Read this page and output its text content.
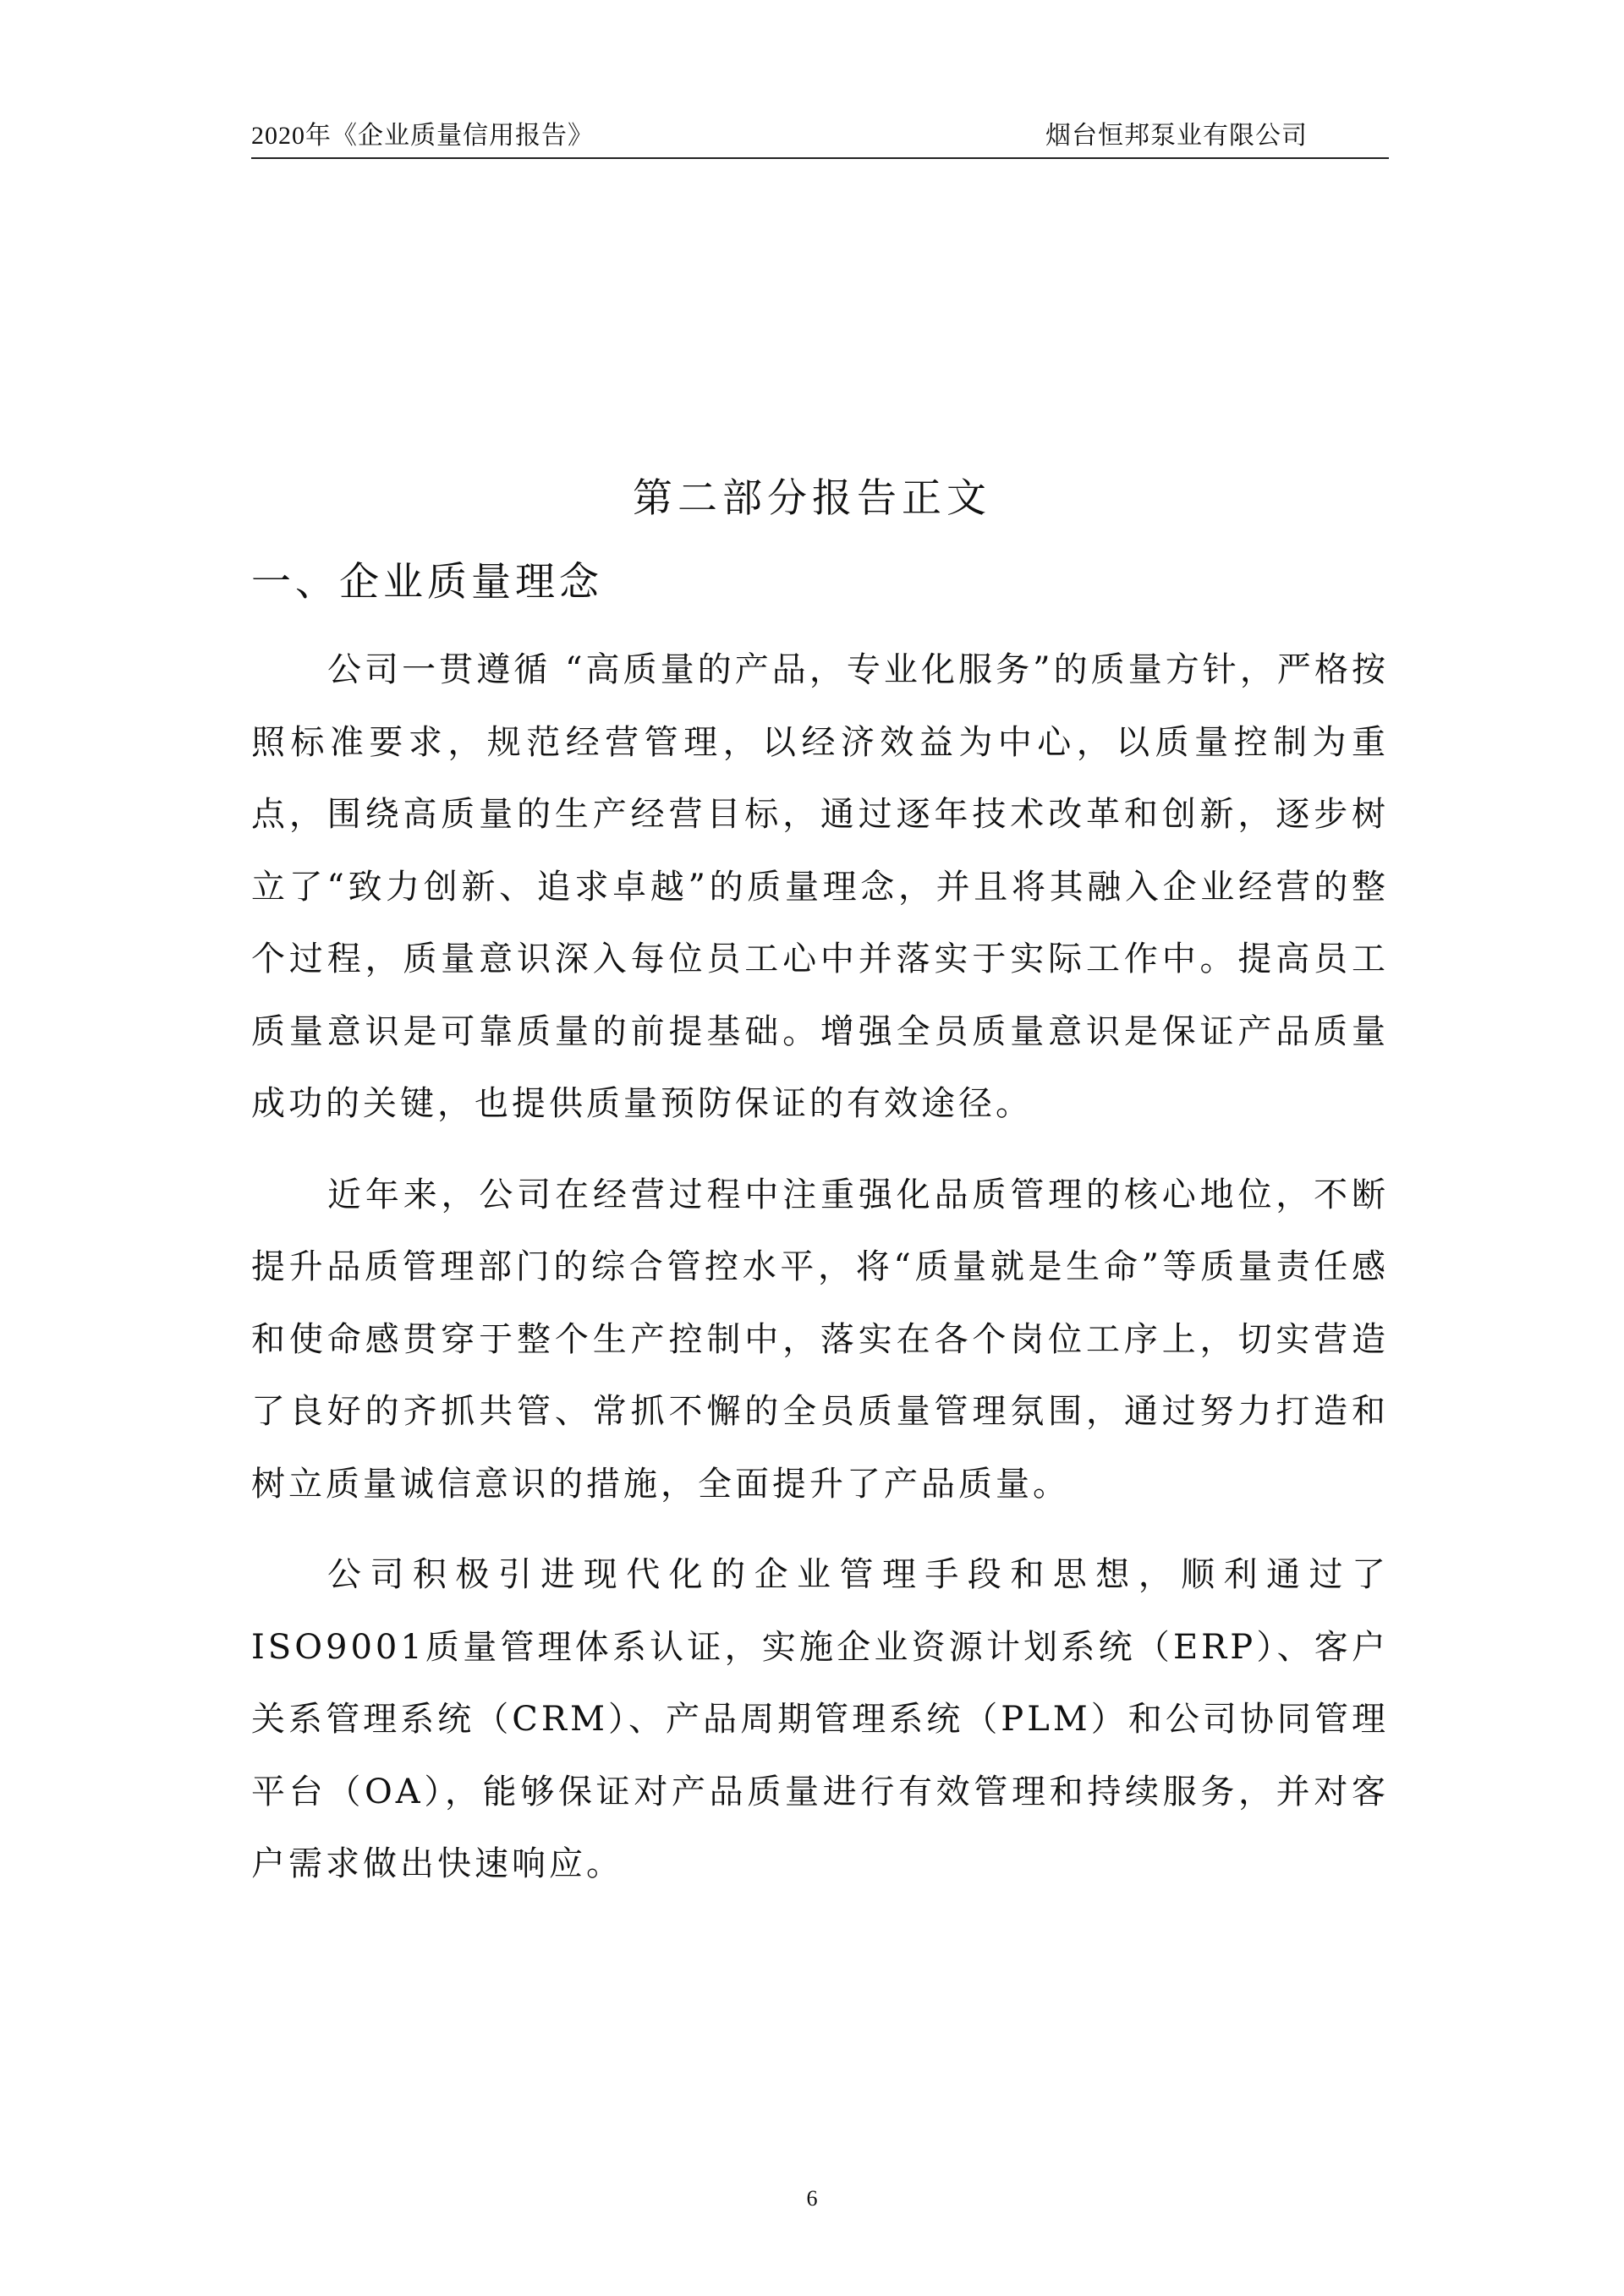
2020年《企业质量信用报告》	烟台恒邦泵业有限公司
第二部分报告正文
一、企业质量理念

公司一贯遵循 “高质量的产品，专业化服务”的质量方针，严格按照标准要求，规范经营管理，以经济效益为中心，以质量控制为重点，围绕高质量的生产经营目标，通过逐年技术改革和创新，逐步树立了“致力创新、追求卓越”的质量理念，并且将其融入企业经营的整个过程，质量意识深入每位员工心中并落实于实际工作中。提高员工质量意识是可靠质量的前提基础。增强全员质量意识是保证产品质量成功的关键，也提供质量预防保证的有效途径。

近年来，公司在经营过程中注重强化品质管理的核心地位，不断提升品质管理部门的综合管控水平，将“质量就是生命”等质量责任感和使命感贯穿于整个生产控制中，落实在各个岗位工序上，切实营造了良好的齐抓共管、常抓不懈的全员质量管理氛围，通过努力打造和树立质量诚信意识的措施，全面提升了产品质量。

公司积极引进现代化的企业管理手段和思想，顺利通过了ISO9001质量管理体系认证，实施企业资源计划系统（ERP）、客户关系管理系统（CRM）、产品周期管理系统（PLM）和公司协同管理平台（OA），能够保证对产品质量进行有效管理和持续服务，并对客户需求做出快速响应。

6
